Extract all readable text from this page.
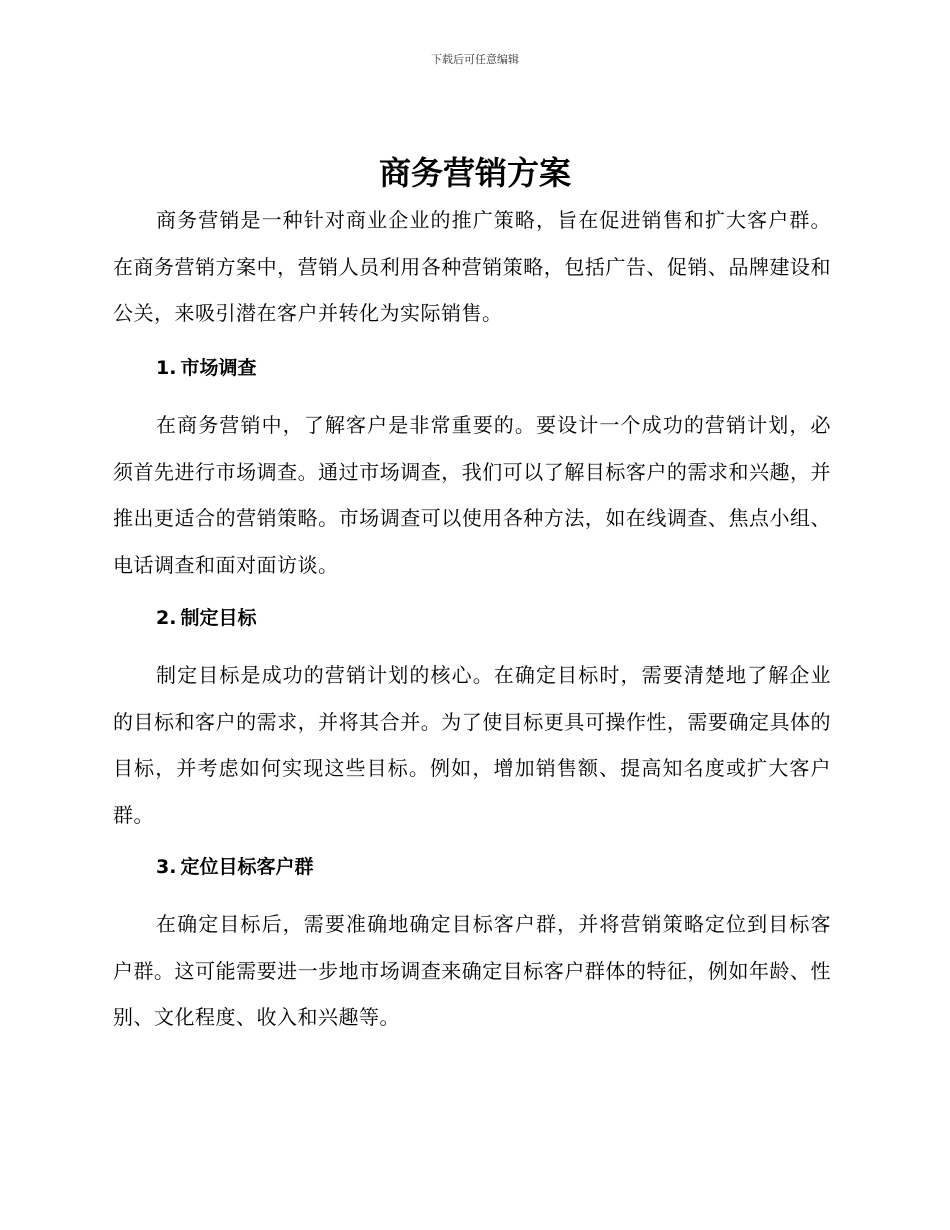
下载后可任意编辑
商务营销方案

商务营销是一种针对商业企业的推广策略，旨在促进销售和扩大客户群。在商务营销方案中，营销人员利用各种营销策略，包括广告、促销、品牌建设和公关，来吸引潜在客户并转化为实际销售。

1. 市场调查

在商务营销中，了解客户是非常重要的。要设计一个成功的营销计划，必须首先进行市场调查。通过市场调查，我们可以了解目标客户的需求和兴趣，并推出更适合的营销策略。市场调查可以使用各种方法，如在线调查、焦点小组、电话调查和面对面访谈。

2. 制定目标

制定目标是成功的营销计划的核心。在确定目标时，需要清楚地了解企业的目标和客户的需求，并将其合并。为了使目标更具可操作性，需要确定具体的目标，并考虑如何实现这些目标。例如，增加销售额、提高知名度或扩大客户群。

3. 定位目标客户群

在确定目标后，需要准确地确定目标客户群，并将营销策略定位到目标客户群。这可能需要进一步地市场调查来确定目标客户群体的特征，例如年龄、性别、文化程度、收入和兴趣等。
